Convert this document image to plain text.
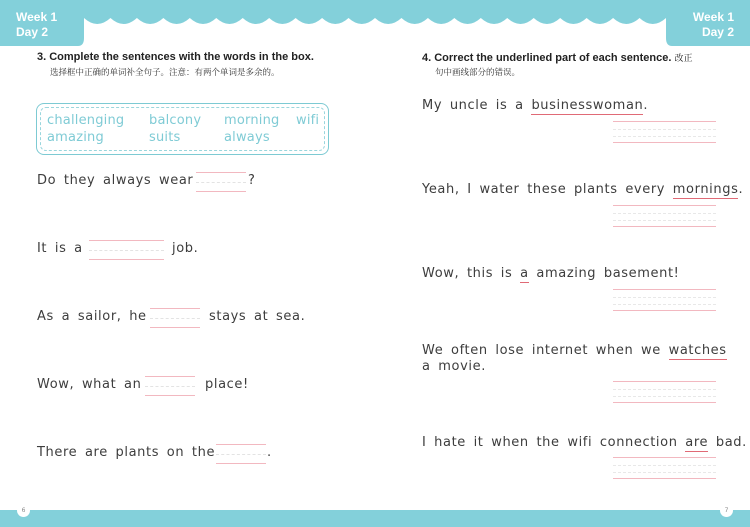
Week 1
Day 2
Week 1
Day 2
3. Complete the sentences with the words in the box.
选择框中正确的单词补全句子。注意：有两个单词是多余的。
challenging balcony morning wifi
amazing	suits	always
Do they always wear	?
It is a	job.
As a sailor, he	stays at sea.
Wow, what an	place!
There are plants on the	.
4. Correct the underlined part of each sentence. 改正
句中画线部分的错误。
My uncle is a businesswoman.
Yeah, I water these plants every mornings.
Wow, this is a amazing basement!
We often lose internet when we watches
a movie.
I hate it when the wifi connection are bad.
6	7
